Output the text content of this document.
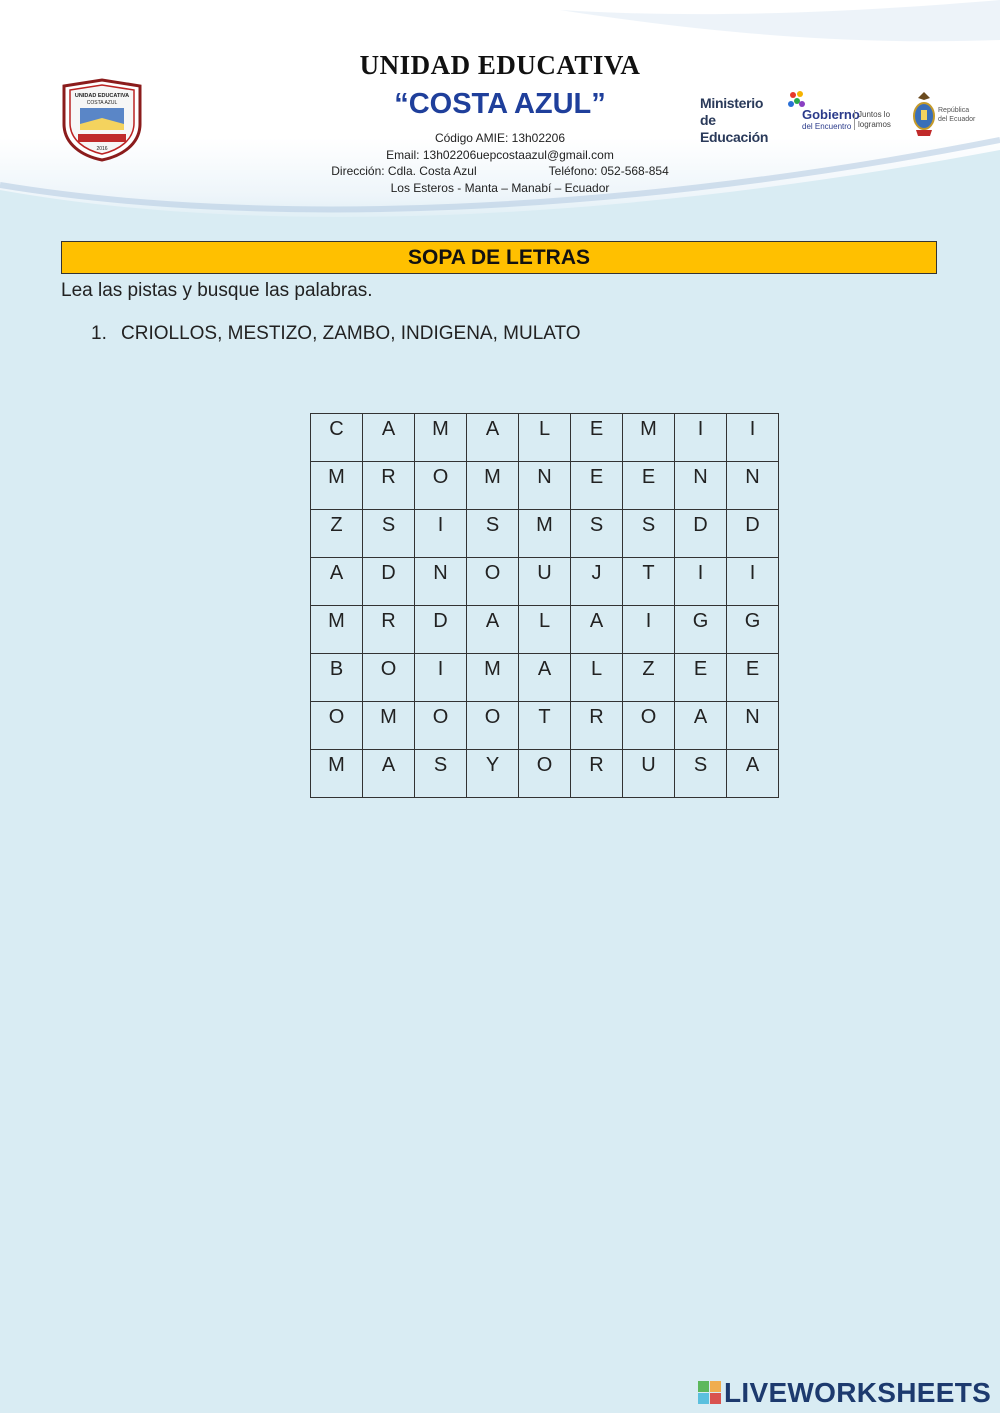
UNIDAD EDUCATIVA
COSTA AZUL
2016
UNIDAD EDUCATIVA
“COSTA AZUL”
Código AMIE: 13h02206
Email: 13h02206uepcostaazul@gmail.com
Dirección: Cdla. Costa Azul	Teléfono: 052-568-854
Los Esteros - Manta – Manabí – Ecuador
Ministerio
de Educación
Gobierno
del Encuentro
Juntos lo logramos
República del Ecuador
SOPA DE LETRAS
Lea las pistas y busque las palabras.
1. CRIOLLOS, MESTIZO, ZAMBO, INDIGENA, MULATO
C	A	M	A	L	E	M	I	I
M	R	O	M	N	E	E	N	N
Z	S	I	S	M	S	S	D	D
A	D	N	O	U	J	T	I	I
M	R	D	A	L	A	I	G	G
B	O	I	M	A	L	Z	E	E
O	M	O	O	T	R	O	A	N
M	A	S	Y	O	R	U	S	A
LIVEWORKSHEETS
